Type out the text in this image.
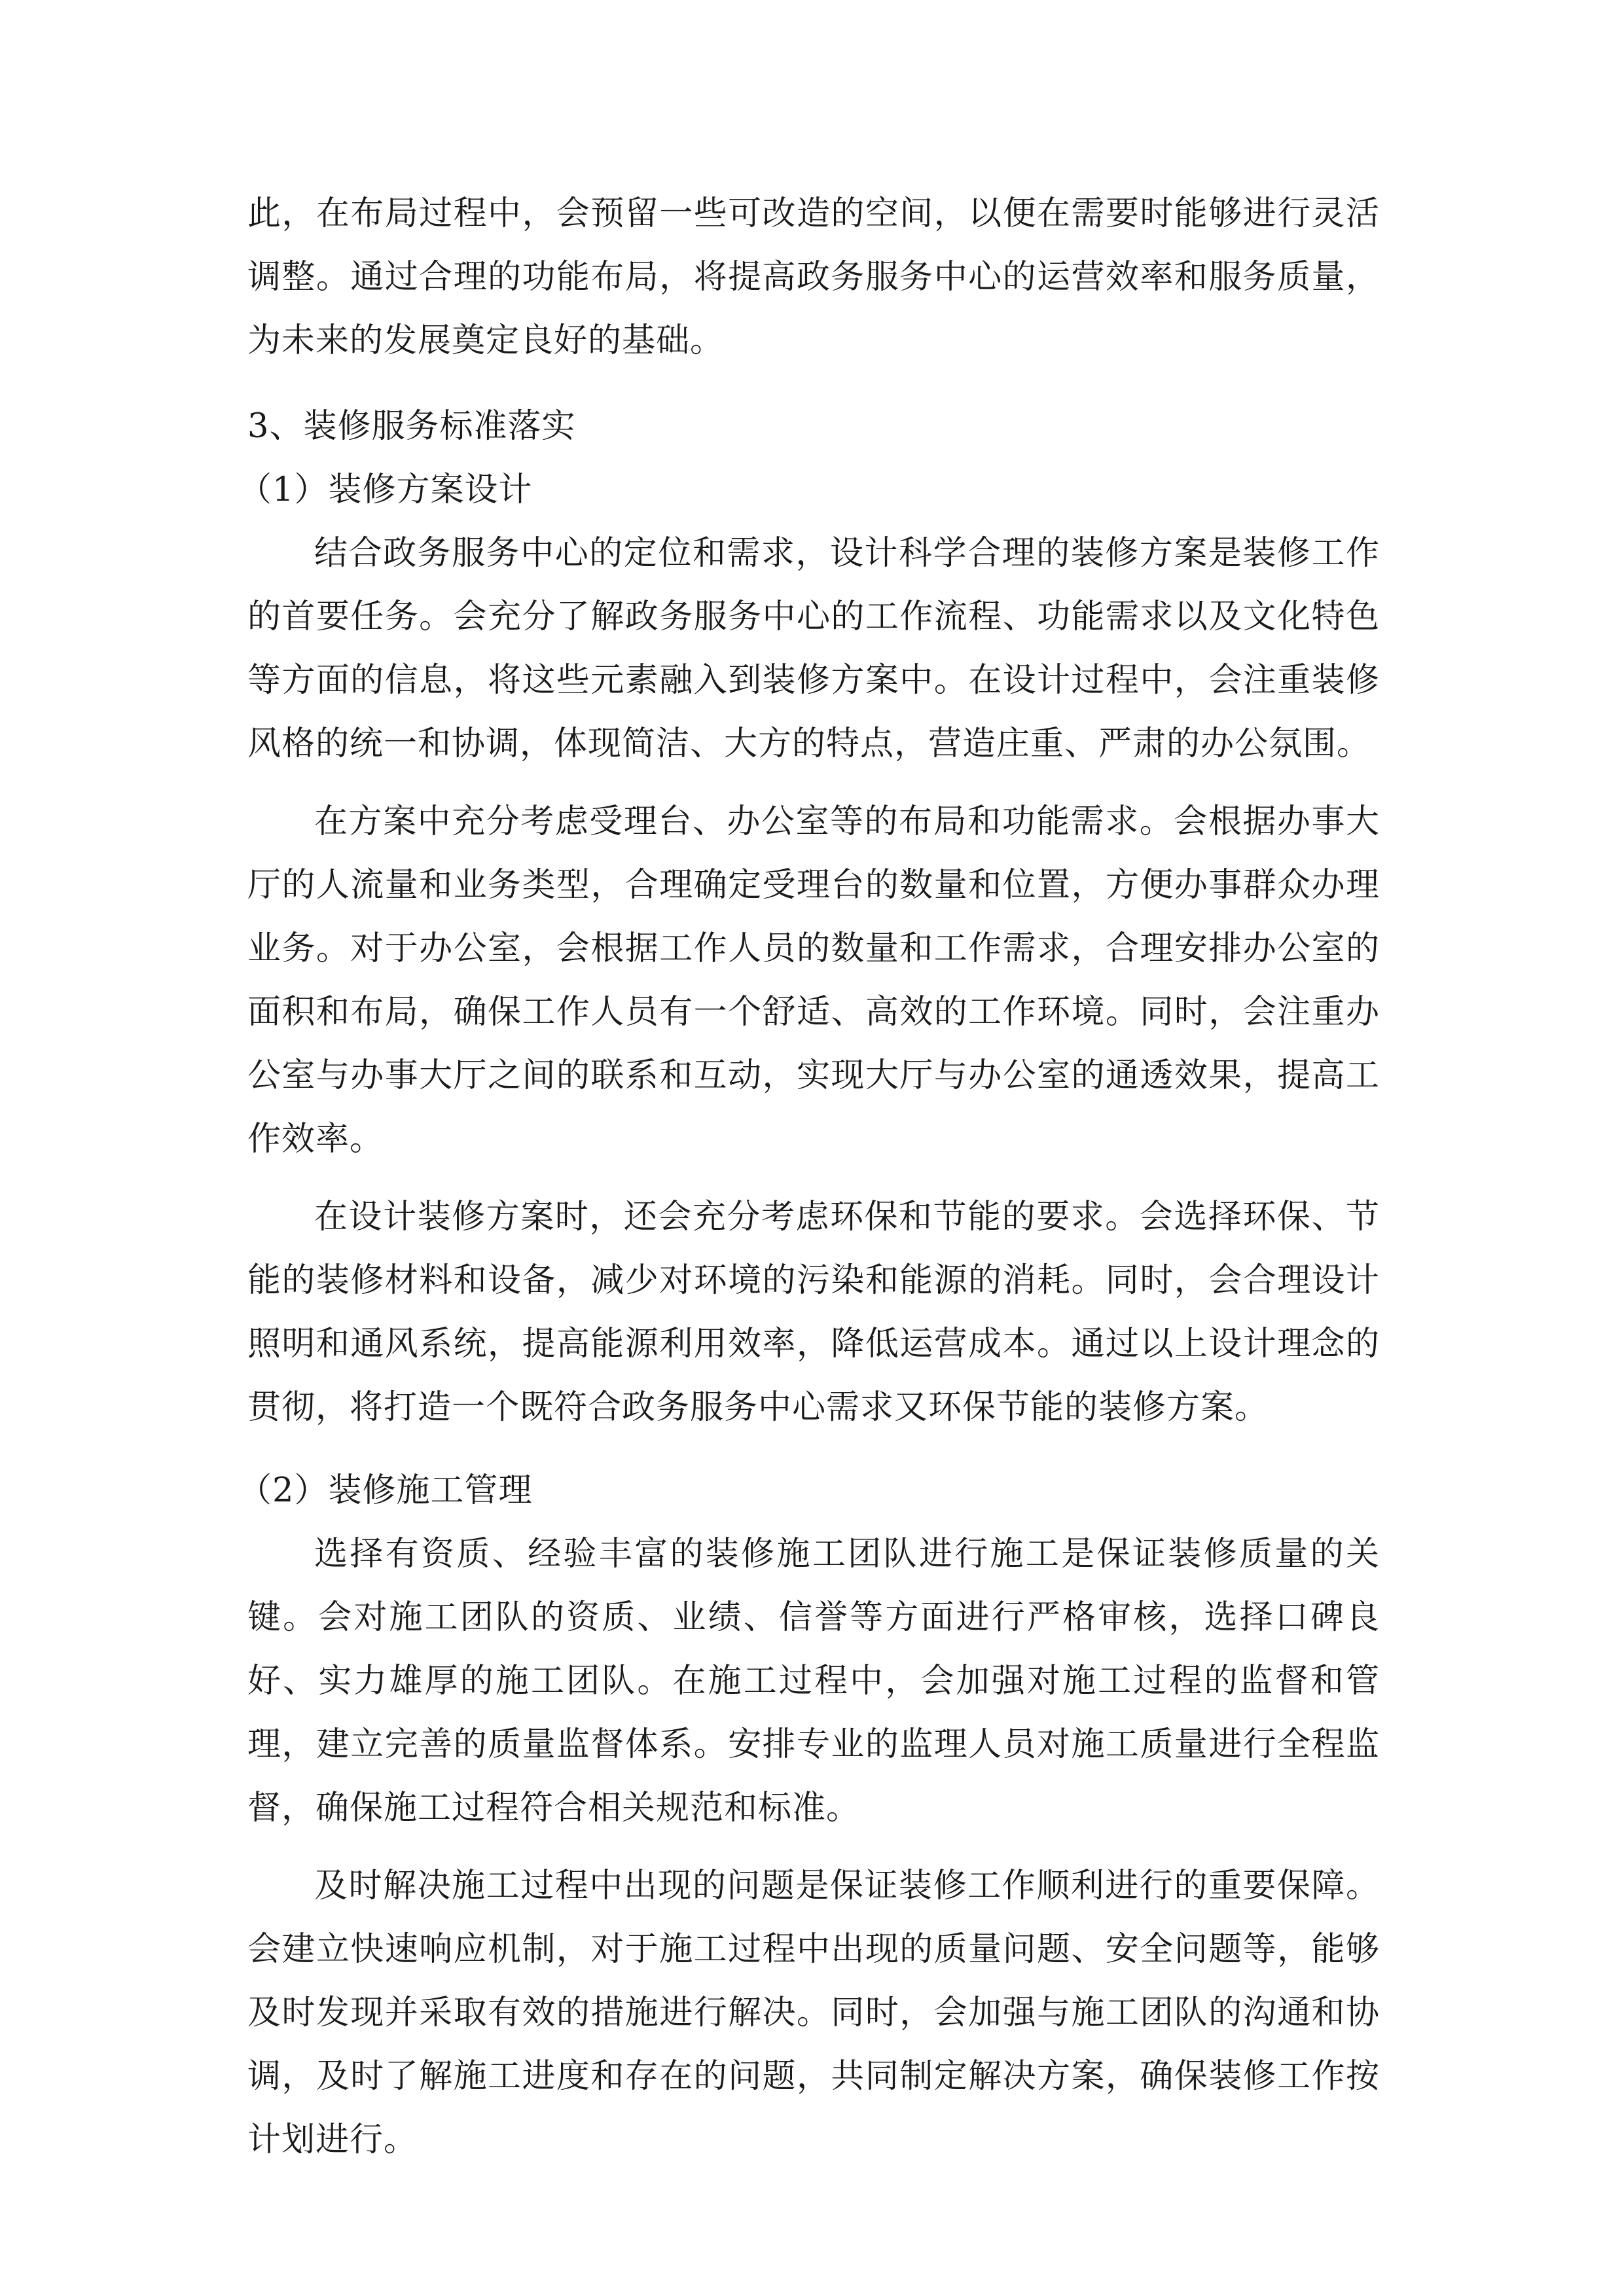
此，在布局过程中，会预留一些可改造的空间，以便在需要时能够进行灵活调整。通过合理的功能布局，将提高政务服务中心的运营效率和服务质量，为未来的发展奠定良好的基础。

3、装修服务标准落实

（1）装修方案设计

结合政务服务中心的定位和需求，设计科学合理的装修方案是装修工作的首要任务。会充分了解政务服务中心的工作流程、功能需求以及文化特色等方面的信息，将这些元素融入到装修方案中。在设计过程中，会注重装修风格的统一和协调，体现简洁、大方的特点，营造庄重、严肃的办公氛围。

在方案中充分考虑受理台、办公室等的布局和功能需求。会根据办事大厅的人流量和业务类型，合理确定受理台的数量和位置，方便办事群众办理业务。对于办公室，会根据工作人员的数量和工作需求，合理安排办公室的面积和布局，确保工作人员有一个舒适、高效的工作环境。同时，会注重办公室与办事大厅之间的联系和互动，实现大厅与办公室的通透效果，提高工作效率。

在设计装修方案时，还会充分考虑环保和节能的要求。会选择环保、节能的装修材料和设备，减少对环境的污染和能源的消耗。同时，会合理设计照明和通风系统，提高能源利用效率，降低运营成本。通过以上设计理念的贯彻，将打造一个既符合政务服务中心需求又环保节能的装修方案。

（2）装修施工管理

选择有资质、经验丰富的装修施工团队进行施工是保证装修质量的关键。会对施工团队的资质、业绩、信誉等方面进行严格审核，选择口碑良好、实力雄厚的施工团队。在施工过程中，会加强对施工过程的监督和管理，建立完善的质量监督体系。安排专业的监理人员对施工质量进行全程监督，确保施工过程符合相关规范和标准。

及时解决施工过程中出现的问题是保证装修工作顺利进行的重要保障。会建立快速响应机制，对于施工过程中出现的质量问题、安全问题等，能够及时发现并采取有效的措施进行解决。同时，会加强与施工团队的沟通和协调，及时了解施工进度和存在的问题，共同制定解决方案，确保装修工作按计划进行。
